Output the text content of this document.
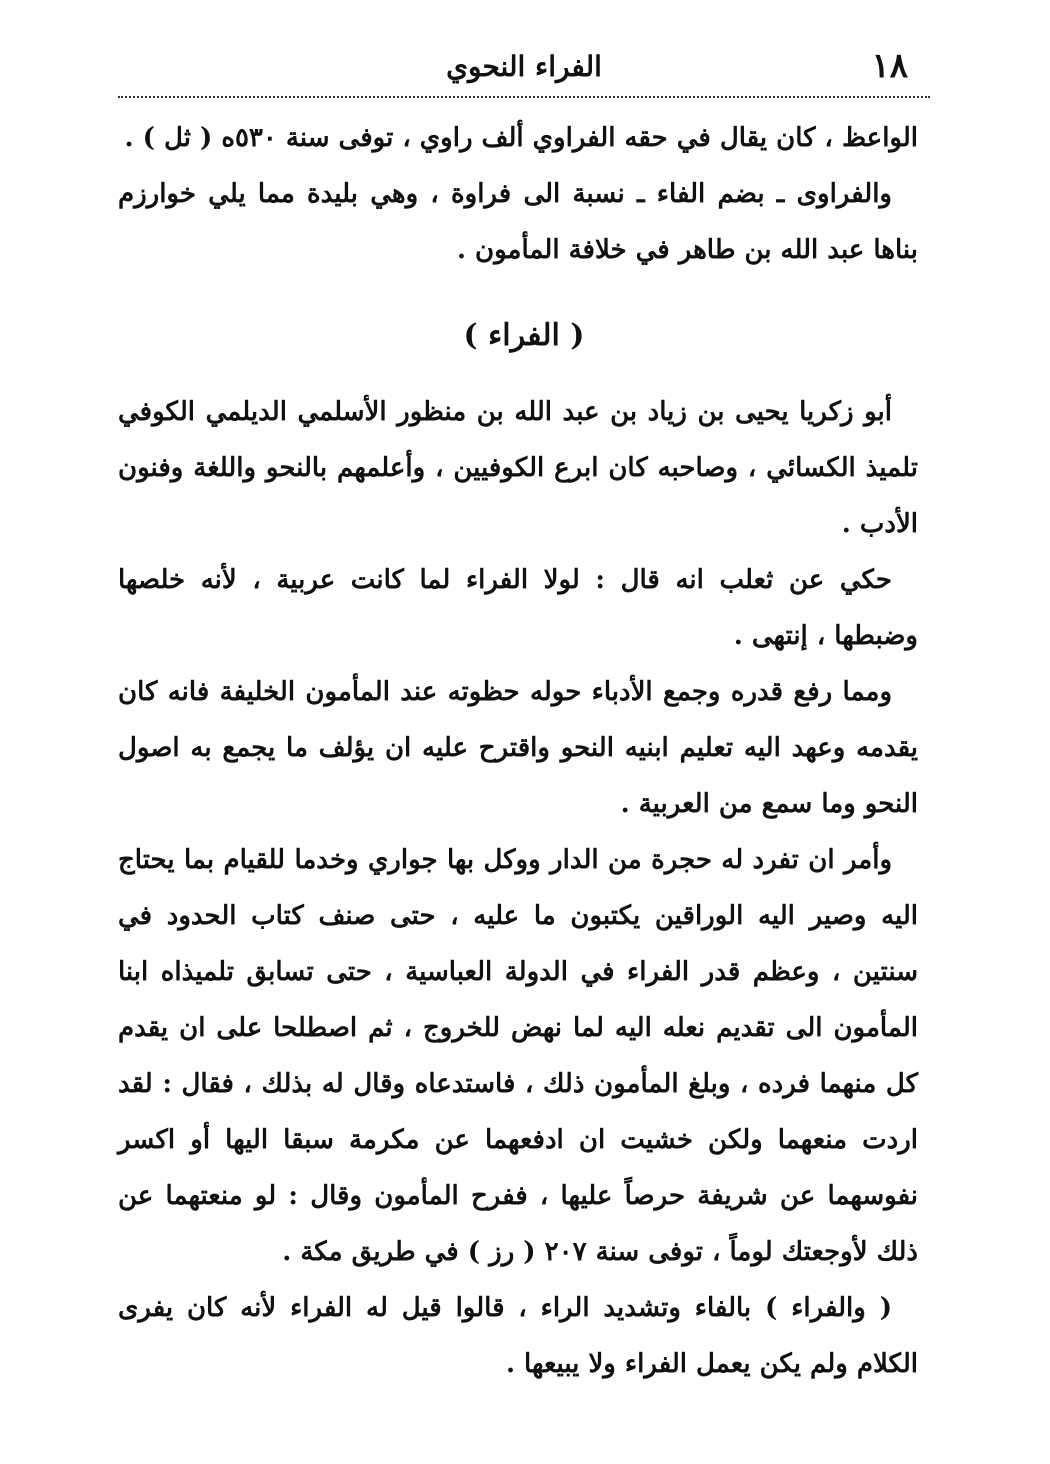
١٨
الفراء النحوي

الواعظ ، كان يقال في حقه الفراوي ألف راوي ، توفى سنة ٥٣٠ه ( ثل ) .

والفراوى ـ بضم الفاء ـ نسبة الى فراوة ، وهي بليدة مما يلي خوارزم بناها عبد الله بن طاهر في خلافة المأمون .

( الفراء )

أبو زكريا يحيى بن زياد بن عبد الله بن منظور الأسلمي الديلمي الكوفي تلميذ الكسائي ، وصاحبه كان ابرع الكوفيين ، وأعلمهم بالنحو واللغة وفنون الأدب .

حكي عن ثعلب انه قال : لولا الفراء لما كانت عربية ، لأنه خلصها وضبطها ، إنتهى .

ومما رفع قدره وجمع الأدباء حوله حظوته عند المأمون الخليفة فانه كان يقدمه وعهد اليه تعليم ابنيه النحو واقترح عليه ان يؤلف ما يجمع به اصول النحو وما سمع من العربية .

وأمر ان تفرد له حجرة من الدار ووكل بها جواري وخدما للقيام بما يحتاج اليه وصير اليه الوراقين يكتبون ما عليه ، حتى صنف كتاب الحدود في سنتين ، وعظم قدر الفراء في الدولة العباسية ، حتى تسابق تلميذاه ابنا المأمون الى تقديم نعله اليه لما نهض للخروج ، ثم اصطلحا على ان يقدم كل منهما فرده ، وبلغ المأمون ذلك ، فاستدعاه وقال له بذلك ، فقال : لقد اردت منعهما ولكن خشيت ان ادفعهما عن مكرمة سبقا اليها أو اكسر نفوسهما عن شريفة حرصاً عليها ، ففرح المأمون وقال : لو منعتهما عن ذلك لأوجعتك لوماً ، توفى سنة ٢٠٧ ( رز ) في طريق مكة .

( والفراء ) بالفاء وتشديد الراء ، قالوا قيل له الفراء لأنه كان يفرى الكلام ولم يكن يعمل الفراء ولا يبيعها .
